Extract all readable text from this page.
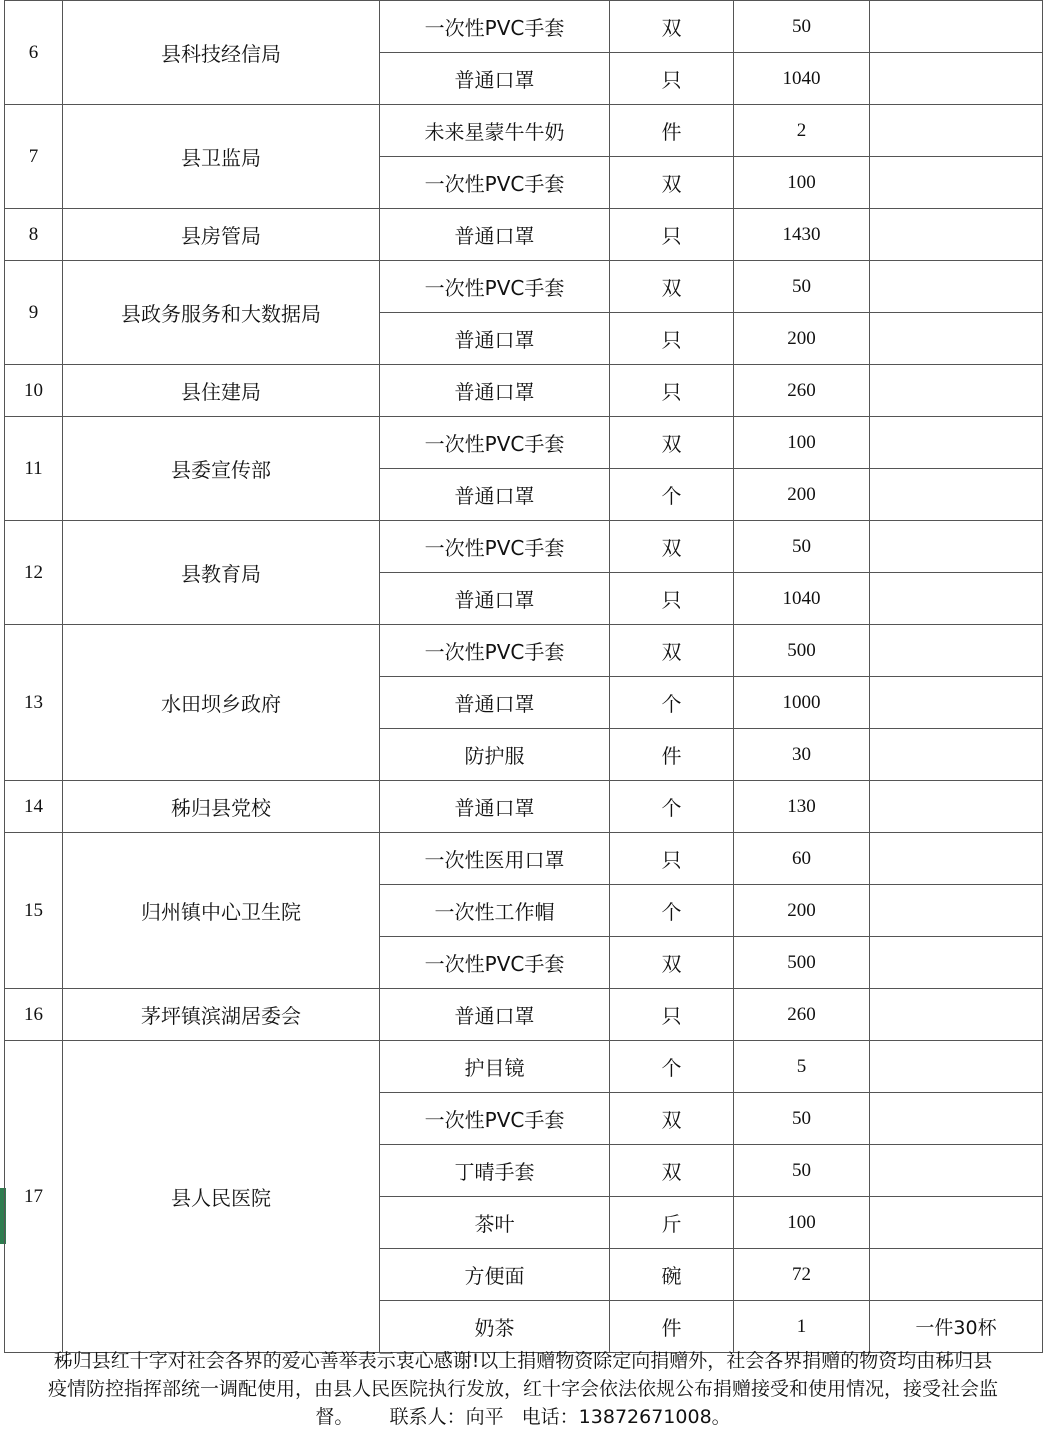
6	县科技经信局	一次性PVC手套	双	50	
		普通口罩	只	1040	
7	县卫监局	未来星蒙牛牛奶	件	2	
		一次性PVC手套	双	100	
8	县房管局	普通口罩	只	1430	
9	县政务服务和大数据局	一次性PVC手套	双	50	
		普通口罩	只	200	
10	县住建局	普通口罩	只	260	
11	县委宣传部	一次性PVC手套	双	100	
		普通口罩	个	200	
12	县教育局	一次性PVC手套	双	50	
		普通口罩	只	1040	
13	水田坝乡政府	一次性PVC手套	双	500	
		普通口罩	个	1000	
		防护服	件	30	
14	秭归县党校	普通口罩	个	130	
15	归州镇中心卫生院	一次性医用口罩	只	60	
		一次性工作帽	个	200	
		一次性PVC手套	双	500	
16	茅坪镇滨湖居委会	普通口罩	只	260	
17	县人民医院	护目镜	个	5	
		一次性PVC手套	双	50	
		丁晴手套	双	50	
		茶叶	斤	100	
		方便面	碗	72	
		奶茶	件	1	一件30杯

秭归县红十字对社会各界的爱心善举表示衷心感谢!以上捐赠物资除定向捐赠外，社会各界捐赠的物资均由秭归县

疫情防控指挥部统一调配使用，由县人民医院执行发放，红十字会依法依规公布捐赠接受和使用情况，接受社会监

督。      联系人：向平   电话：13872671008。
